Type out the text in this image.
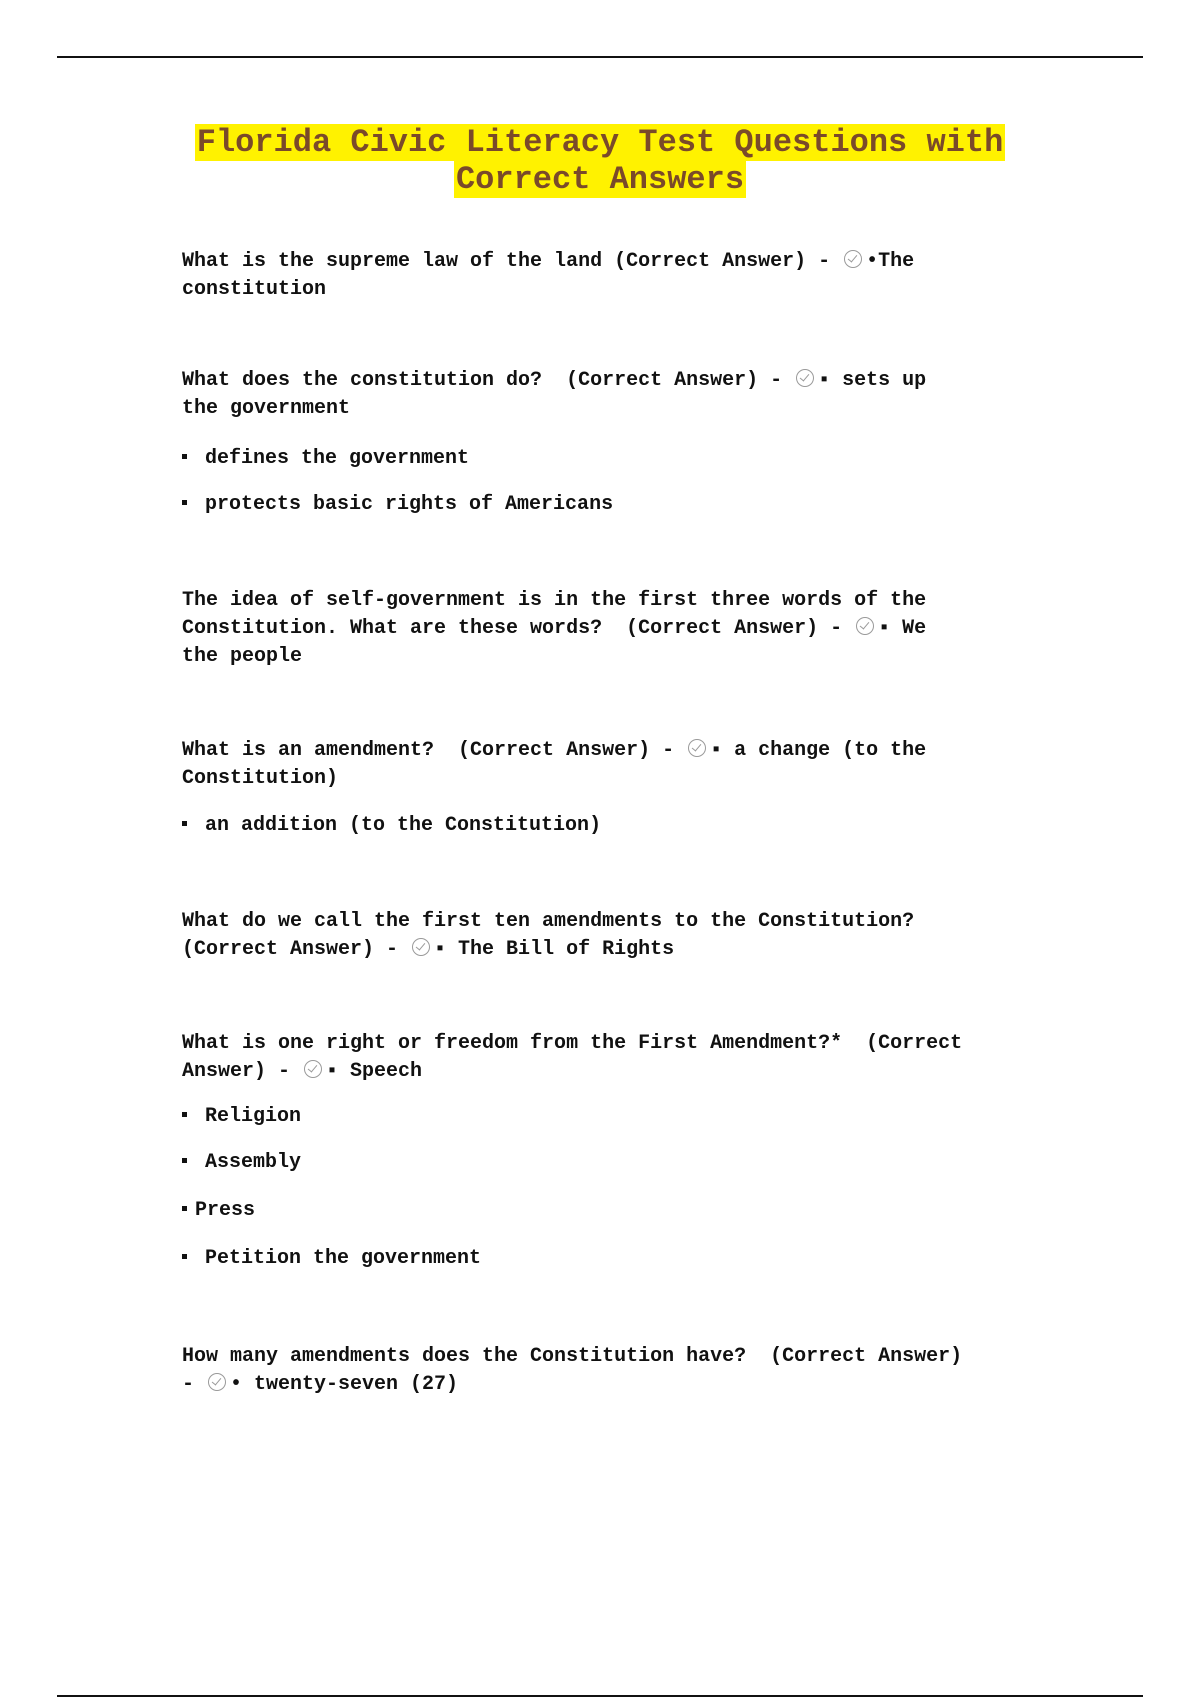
Florida Civic Literacy Test Questions with
Correct Answers
What is the supreme law of the land (Correct Answer) - •The
constitution
What does the constitution do?  (Correct Answer) - ▪ sets up
the government
defines the government
protects basic rights of Americans
The idea of self-government is in the first three words of the
Constitution. What are these words?  (Correct Answer) - ▪ We
the people
What is an amendment?  (Correct Answer) - ▪ a change (to the
Constitution)
an addition (to the Constitution)
What do we call the first ten amendments to the Constitution?
(Correct Answer) - ▪ The Bill of Rights
What is one right or freedom from the First Amendment?*  (Correct
Answer) - ▪ Speech
Religion
Assembly
Press
Petition the government
How many amendments does the Constitution have?  (Correct Answer)
- • twenty-seven (27)
